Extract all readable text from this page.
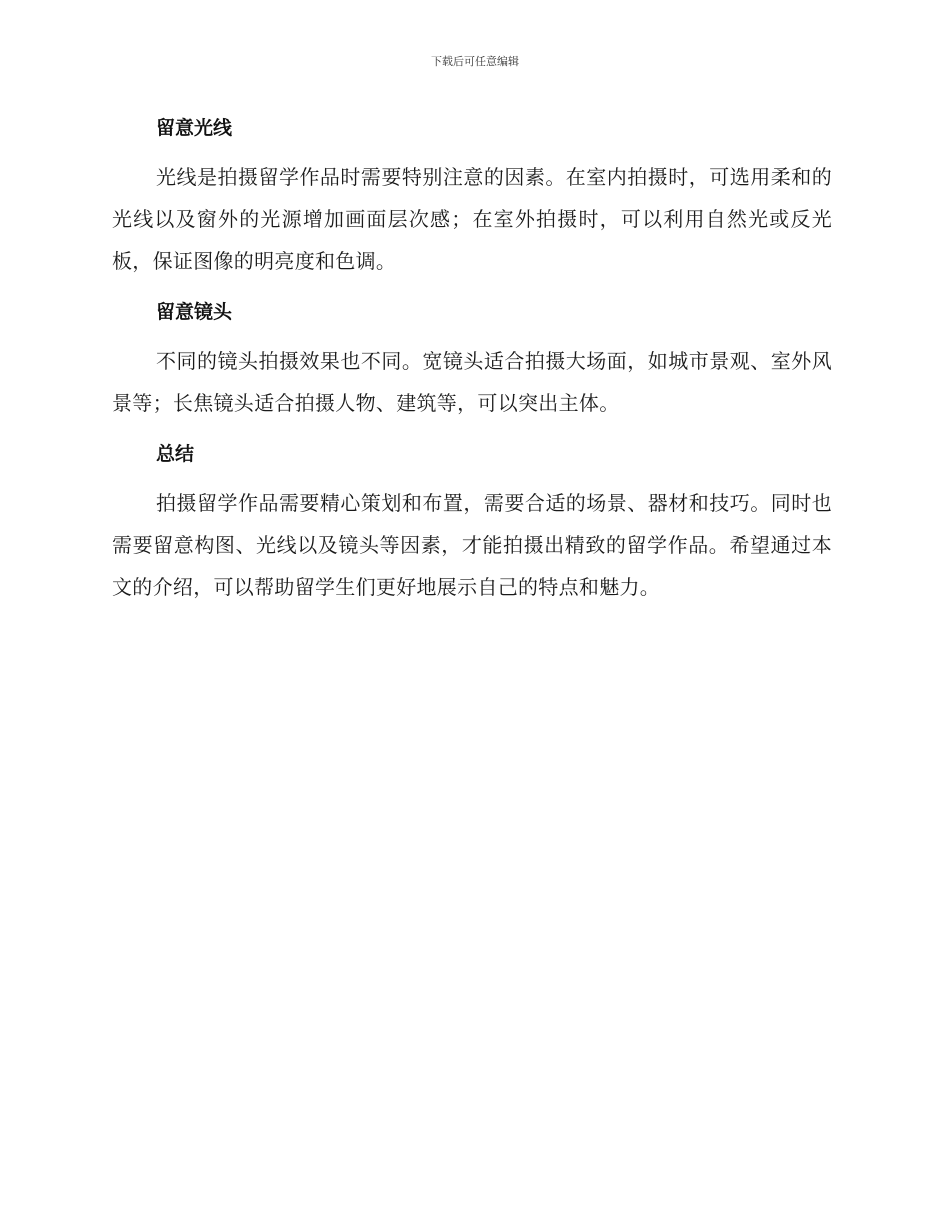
下载后可任意编辑
留意光线

光线是拍摄留学作品时需要特别注意的因素。在室内拍摄时，可选用柔和的光线以及窗外的光源增加画面层次感；在室外拍摄时，可以利用自然光或反光板，保证图像的明亮度和色调。

留意镜头

不同的镜头拍摄效果也不同。宽镜头适合拍摄大场面，如城市景观、室外风景等；长焦镜头适合拍摄人物、建筑等，可以突出主体。

总结

拍摄留学作品需要精心策划和布置，需要合适的场景、器材和技巧。同时也需要留意构图、光线以及镜头等因素，才能拍摄出精致的留学作品。希望通过本文的介绍，可以帮助留学生们更好地展示自己的特点和魅力。
